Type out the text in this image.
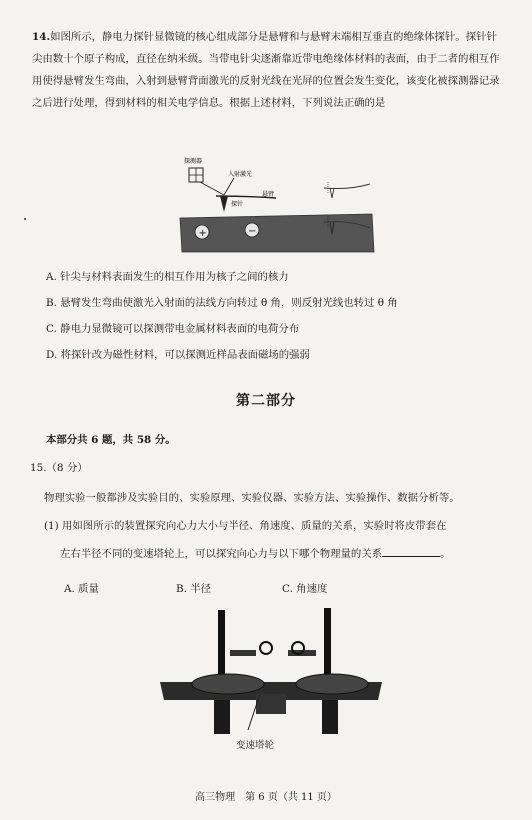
14.如图所示，静电力探针显微镜的核心组成部分是悬臂和与悬臂末端相互垂直的绝缘体探针。探针针尖由数十个原子构成，直径在纳米级。当带电针尖逐渐靠近带电绝缘体材料的表面，由于二者的相互作用使得悬臂发生弯曲，入射到悬臂背面激光的反射光线在光屏的位置会发生变化，该变化被探测器记录之后进行处理，得到材料的相关电学信息。根据上述材料，下列说法正确的是
探测器
入射激光
悬臂
探针
+	−
A. 针尖与材料表面发生的相互作用为核子之间的核力
B. 悬臂发生弯曲使激光入射面的法线方向转过 θ 角，则反射光线也转过 θ 角
C. 静电力显微镜可以探测带电金属材料表面的电荷分布
D. 将探针改为磁性材料，可以探测近样品表面磁场的强弱
第二部分
本部分共 6 题，共 58 分。
15.（8 分）
物理实验一般都涉及实验目的、实验原理、实验仪器、实验方法、实验操作、数据分析等。
(1) 用如图所示的装置探究向心力大小与半径、角速度、质量的关系，实验时将皮带套在
左右半径不同的变速塔轮上，可以探究向心力与以下哪个物理量的关系	。
A. 质量	B. 半径	C. 角速度
变速塔轮
高三物理　第 6 页（共 11 页）
